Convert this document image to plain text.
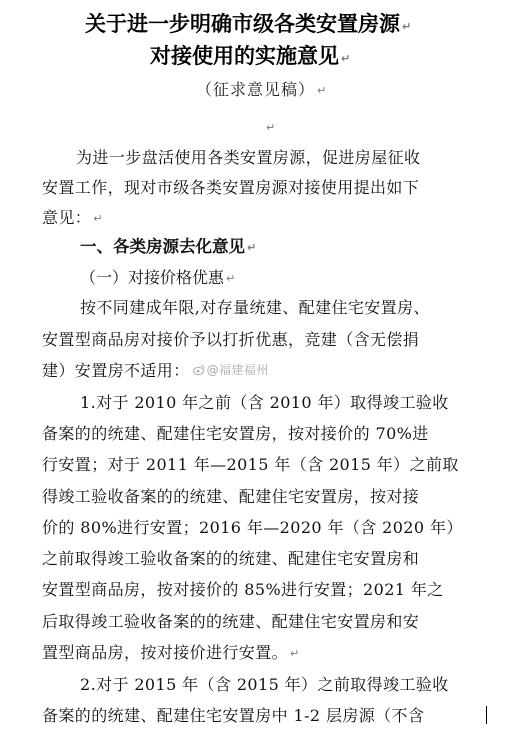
关于进一步明确市级各类安置房源 ↵
对接使用的实施意见 ↵
（征求意见稿） ↵
↵
为进一步盘活使用各类安置房源，促进房屋征收
安置工作，现对市级各类安置房源对接使用提出如下
意见： ↵
一、各类房源去化意见 ↵
（一）对接价格优惠 ↵
按不同建成年限,对存量统建、配建住宅安置房、
安置型商品房对接价予以打折优惠，竞建（含无偿捐
建）安置房不适用： @福建福州
1.对于 2010 年之前（含 2010 年）取得竣工验收
备案的的统建、配建住宅安置房，按对接价的 70%进
行安置；对于 2011 年—2015 年（含 2015 年）之前取
得竣工验收备案的的统建、配建住宅安置房，按对接
价的 80%进行安置；2016 年—2020 年（含 2020 年）
之前取得竣工验收备案的的统建、配建住宅安置房和
安置型商品房，按对接价的 85%进行安置；2021 年之
后取得竣工验收备案的的统建、配建住宅安置房和安
置型商品房，按对接价进行安置。 ↵
2.对于 2015 年（含 2015 年）之前取得竣工验收
备案的的统建、配建住宅安置房中 1-2 层房源（不含
